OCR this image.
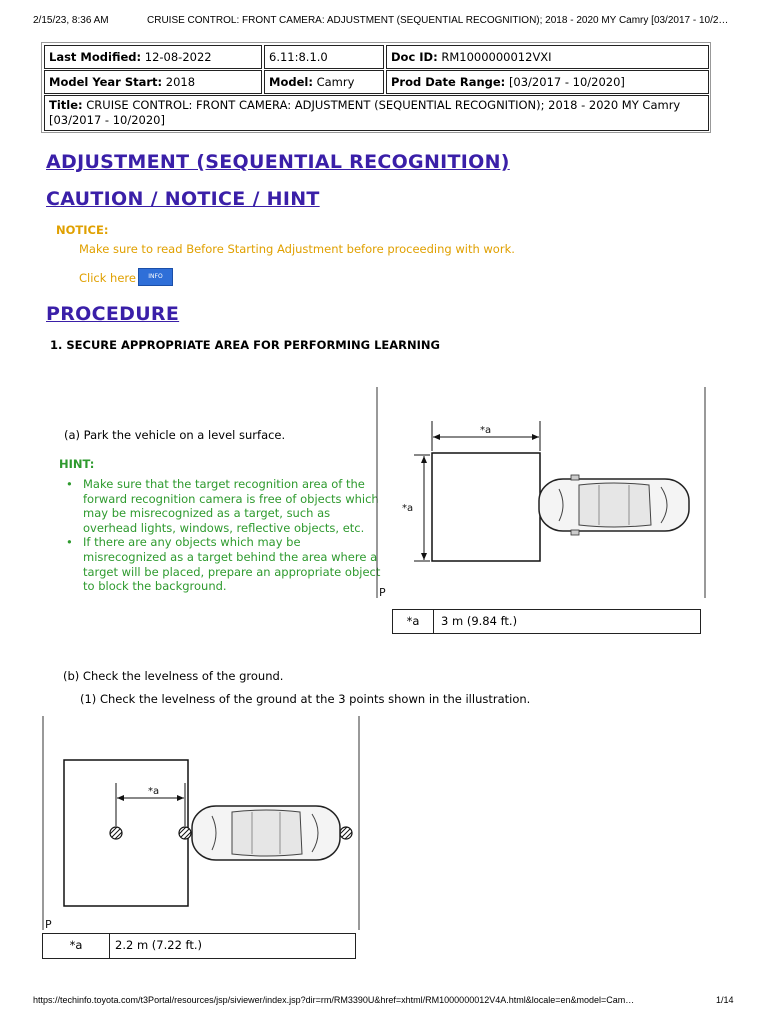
2/15/23, 8:36 AM	CRUISE CONTROL: FRONT CAMERA: ADJUSTMENT (SEQUENTIAL RECOGNITION); 2018 - 2020 MY Camry [03/2017 - 10/2…
Last Modified: 12-08-2022	6.11:8.1.0	Doc ID: RM1000000012VXI
Model Year Start: 2018	Model: Camry	Prod Date Range: [03/2017 - 10/2020]
Title: CRUISE CONTROL: FRONT CAMERA: ADJUSTMENT (SEQUENTIAL RECOGNITION); 2018 - 2020 MY Camry
[03/2017 - 10/2020]
ADJUSTMENT (SEQUENTIAL RECOGNITION)
CAUTION / NOTICE / HINT
NOTICE:
Make sure to read Before Starting Adjustment before proceeding with work.
Click here	INFO
PROCEDURE
1. SECURE APPROPRIATE AREA FOR PERFORMING LEARNING
(a) Park the vehicle on a level surface.
HINT:
• Make sure that the target recognition area of the
forward recognition camera is free of objects which
may be misrecognized as a target, such as
overhead lights, windows, reflective objects, etc.
• If there are any objects which may be
misrecognized as a target behind the area where a
target will be placed, prepare an appropriate object
to block the background.
*a
*a
P
*a	3 m (9.84 ft.)
(b) Check the levelness of the ground.
(1) Check the levelness of the ground at the 3 points shown in the illustration.
*a
P
*a	2.2 m (7.22 ft.)
https://techinfo.toyota.com/t3Portal/resources/jsp/siviewer/index.jsp?dir=rm/RM3390U&href=xhtml/RM1000000012V4A.html&locale=en&model=Cam…	1/14
